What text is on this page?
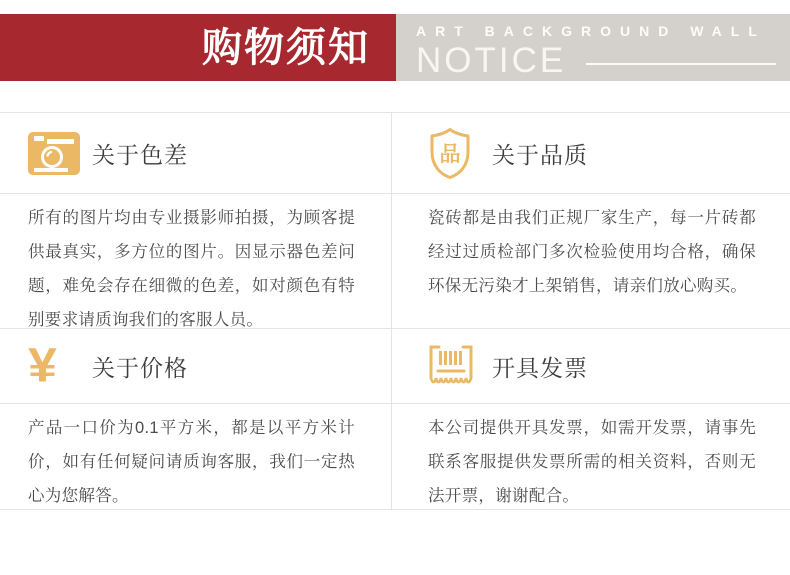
购物须知	ART BACKGROUND WALL
NOTICE
关于色差
所有的图片均由专业摄影师拍摄，为顾客提供最真实，多方位的图片。因显示器色差问题，难免会存在细微的色差，如对颜色有特别要求请质询我们的客服人员。
¥ 关于价格
产品一口价为0.1平方米，都是以平方米计价，如有任何疑问请质询客服，我们一定热心为您解答。
品 关于品质
瓷砖都是由我们正规厂家生产，每一片砖都经过过质检部门多次检验使用均合格，确保环保无污染才上架销售，请亲们放心购买。
开具发票
本公司提供开具发票，如需开发票，请事先联系客服提供发票所需的相关资料，否则无法开票，谢谢配合。
